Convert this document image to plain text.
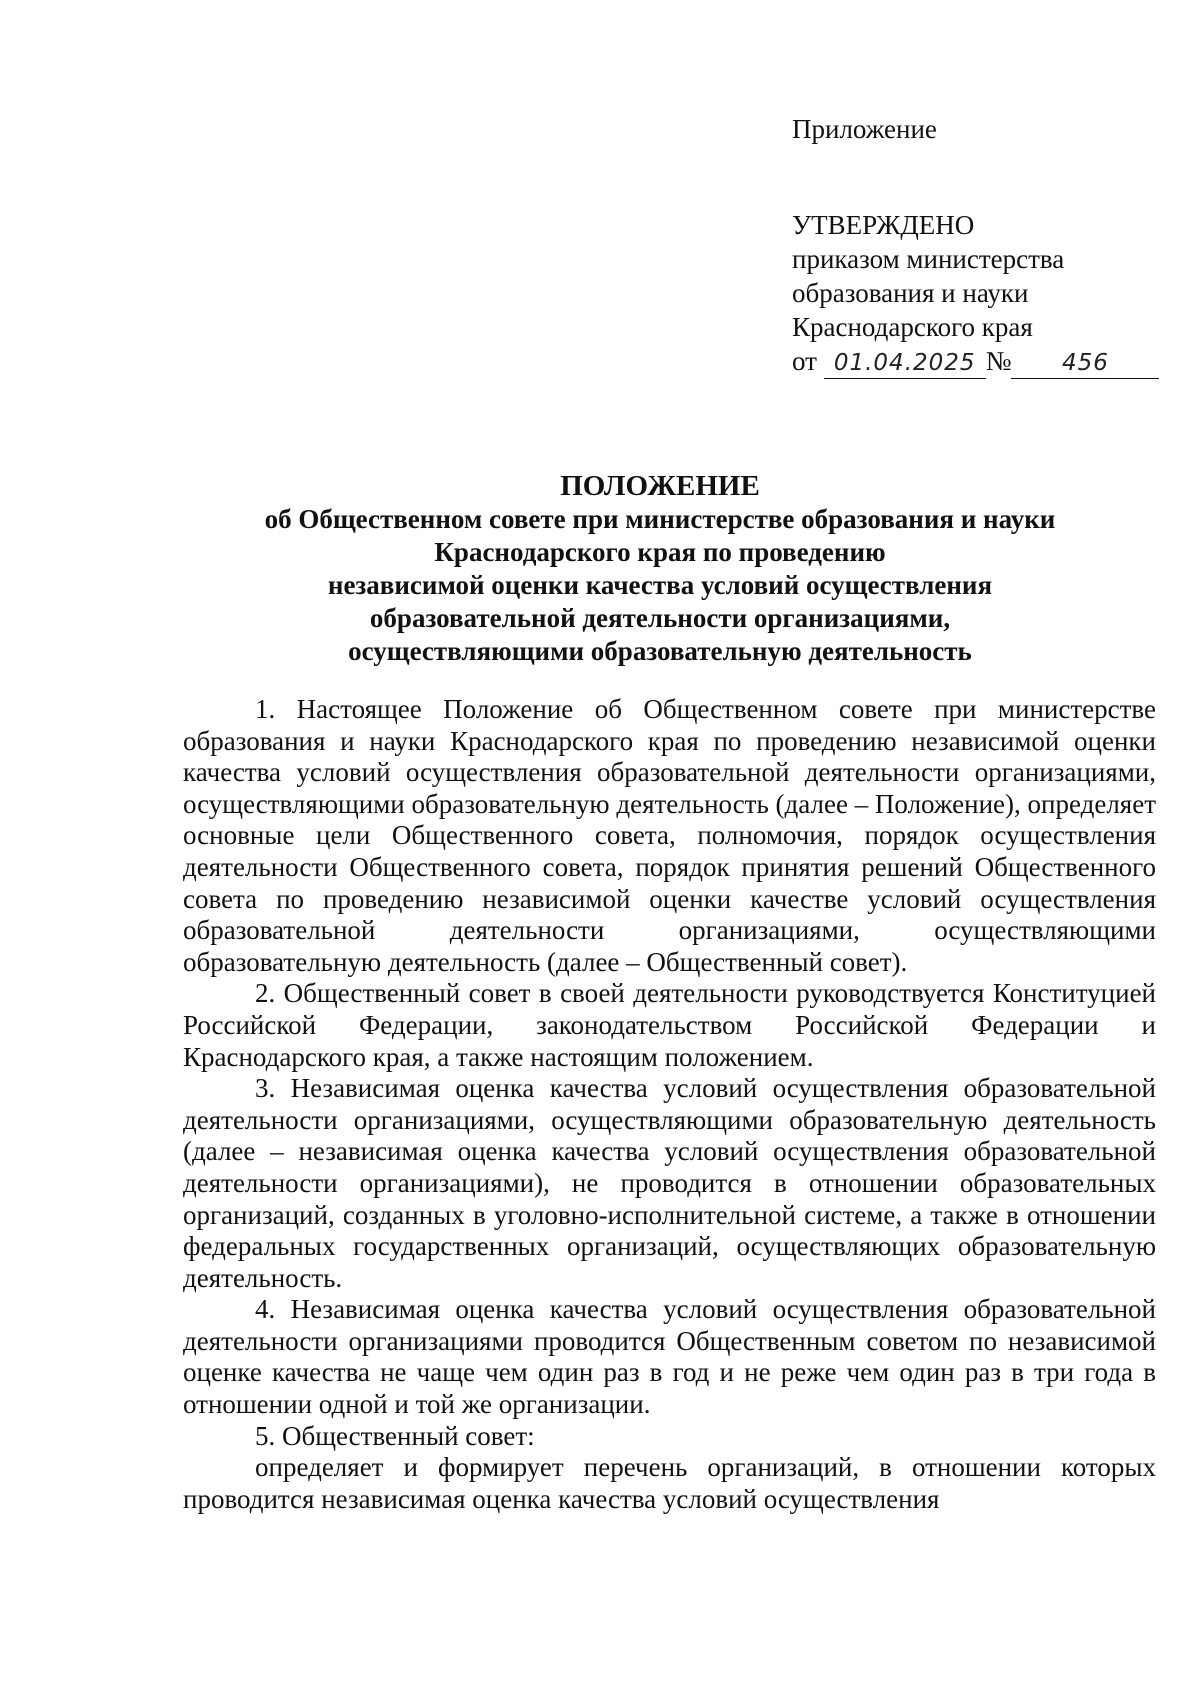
Приложение
УТВЕРЖДЕНО
приказом министерства
образования и науки
Краснодарского края
от 01.04.2025 № 456
ПОЛОЖЕНИЕ
об Общественном совете при министерстве образования и науки
Краснодарского края по проведению
независимой оценки качества условий осуществления
образовательной деятельности организациями,
осуществляющими образовательную деятельность

1. Настоящее Положение об Общественном совете при министерстве образования и науки Краснодарского края по проведению независимой оценки качества условий осуществления образовательной деятельности организациями, осуществляющими образовательную деятельность (далее – Положение), определяет основные цели Общественного совета, полномочия, порядок осуществления деятельности Общественного совета, порядок принятия решений Общественного совета по проведению независимой оценки качестве условий осуществления образовательной деятельности организациями, осуществляющими образовательную деятельность (далее – Общественный совет).

2. Общественный совет в своей деятельности руководствуется Конституцией Российской Федерации, законодательством Российской Федерации и Краснодарского края, а также настоящим положением.

3. Независимая оценка качества условий осуществления образовательной деятельности организациями, осуществляющими образовательную деятельность (далее – независимая оценка качества условий осуществления образовательной деятельности организациями), не проводится в отношении образовательных организаций, созданных в уголовно-исполнительной системе, а также в отношении федеральных государственных организаций, осуществляющих образовательную деятельность.

4. Независимая оценка качества условий осуществления образовательной деятельности организациями проводится Общественным советом по независимой оценке качества не чаще чем один раз в год и не реже чем один раз в три года в отношении одной и той же организации.

5. Общественный совет:

определяет и формирует перечень организаций, в отношении которых проводится независимая оценка качества условий осуществления
